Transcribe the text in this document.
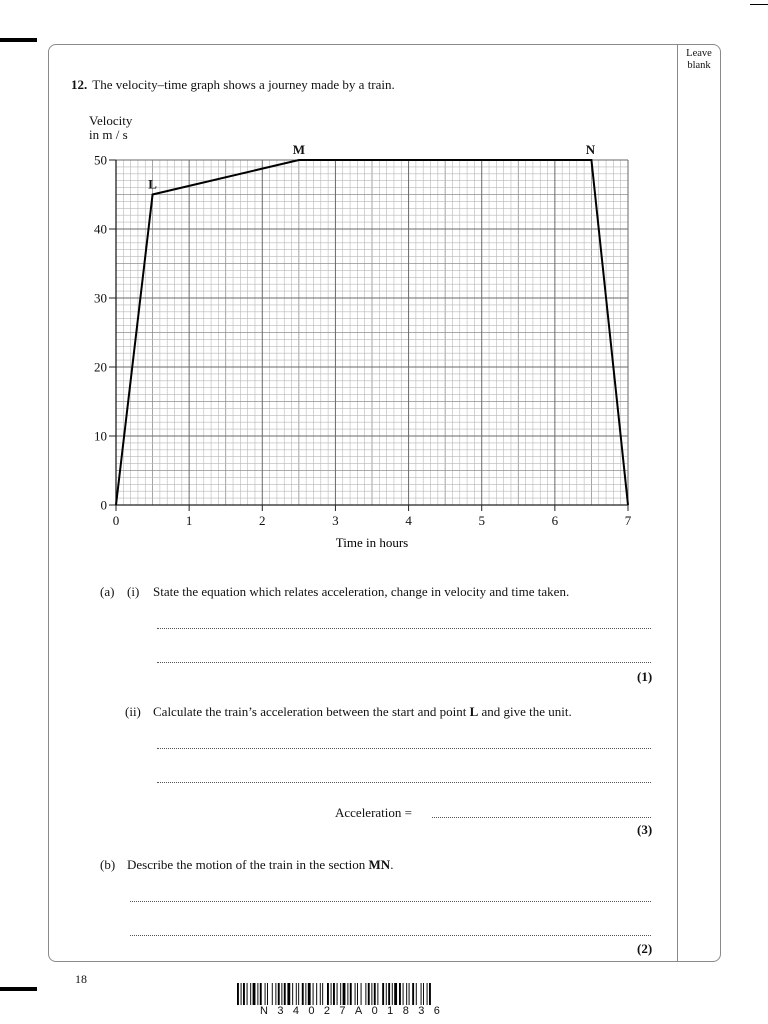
Leave blank
12. The velocity–time graph shows a journey made by a train.
Velocity
in m / s
0	1	2	3	4	5	6	7
0
10
20
30
40
50
L
M	N
Time in hours
(a) (i) State the equation which relates acceleration, change in velocity and time taken.
(1)
(ii) Calculate the train’s acceleration between the start and point L and give the unit.
Acceleration =
(3)
(b) Describe the motion of the train in the section MN.
(2)
18
N34027A01836
